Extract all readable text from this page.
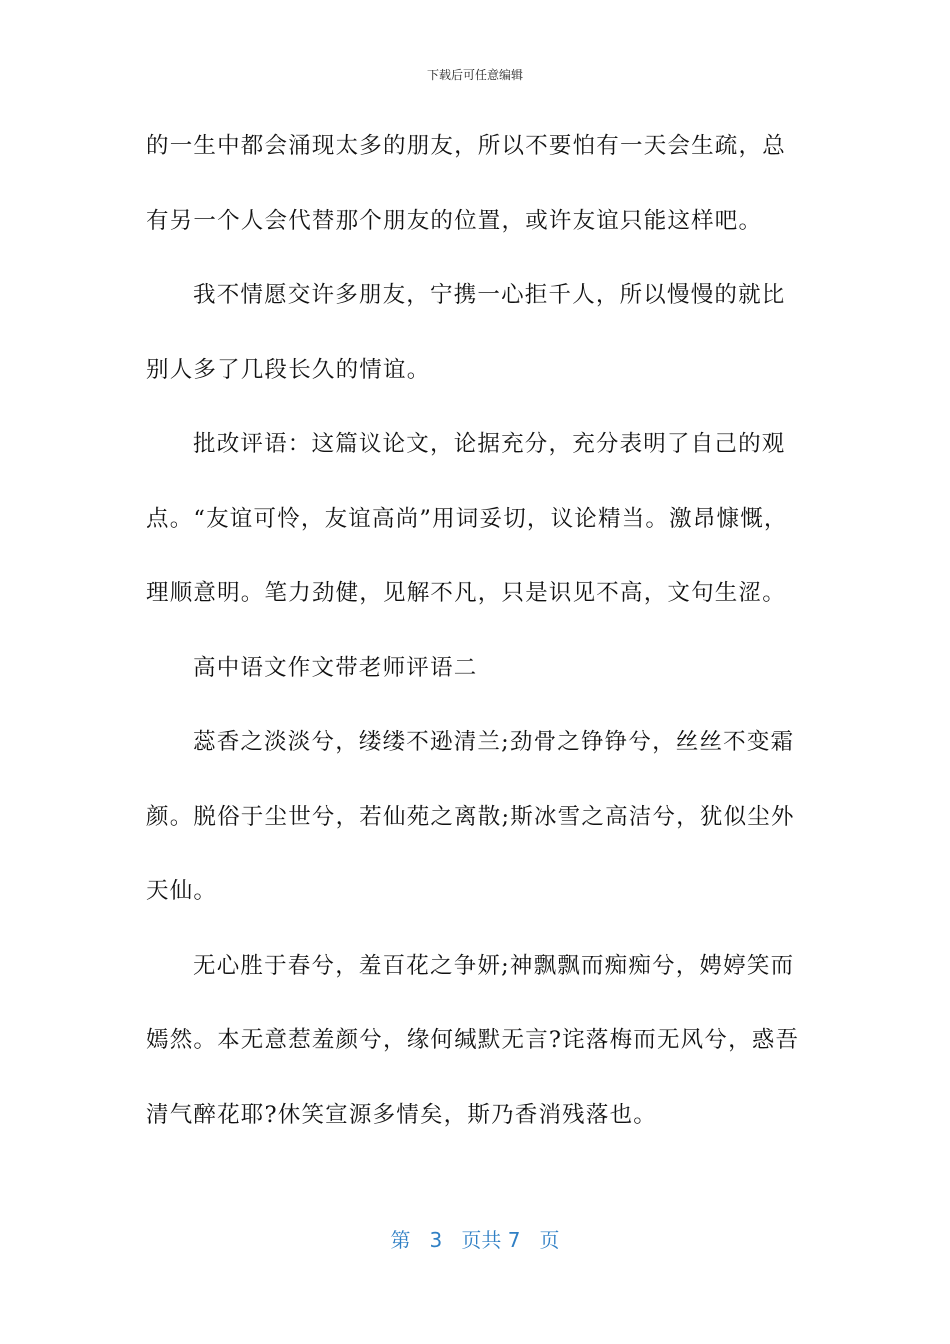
下载后可任意编辑
的一生中都会涌现太多的朋友，所以不要怕有一天会生疏，总
有另一个人会代替那个朋友的位置，或许友谊只能这样吧。
我不情愿交许多朋友，宁携一心拒千人，所以慢慢的就比
别人多了几段长久的情谊。
批改评语：这篇议论文，论据充分，充分表明了自己的观
点。“友谊可怜，友谊高尚”用词妥切，议论精当。激昂慷慨，
理顺意明。笔力劲健，见解不凡，只是识见不高，文句生涩。
高中语文作文带老师评语二
蕊香之淡淡兮，缕缕不逊清兰;劲骨之铮铮兮，丝丝不变霜
颜。脱俗于尘世兮，若仙苑之离散;斯冰雪之高洁兮，犹似尘外
天仙。
无心胜于春兮，羞百花之争妍;神飘飘而痴痴兮，娉婷笑而
嫣然。本无意惹羞颜兮，缘何缄默无言?诧落梅而无风兮，惑吾
清气醉花耶?休笑宣源多情矣，斯乃香消残落也。
第 3 页共 7 页
